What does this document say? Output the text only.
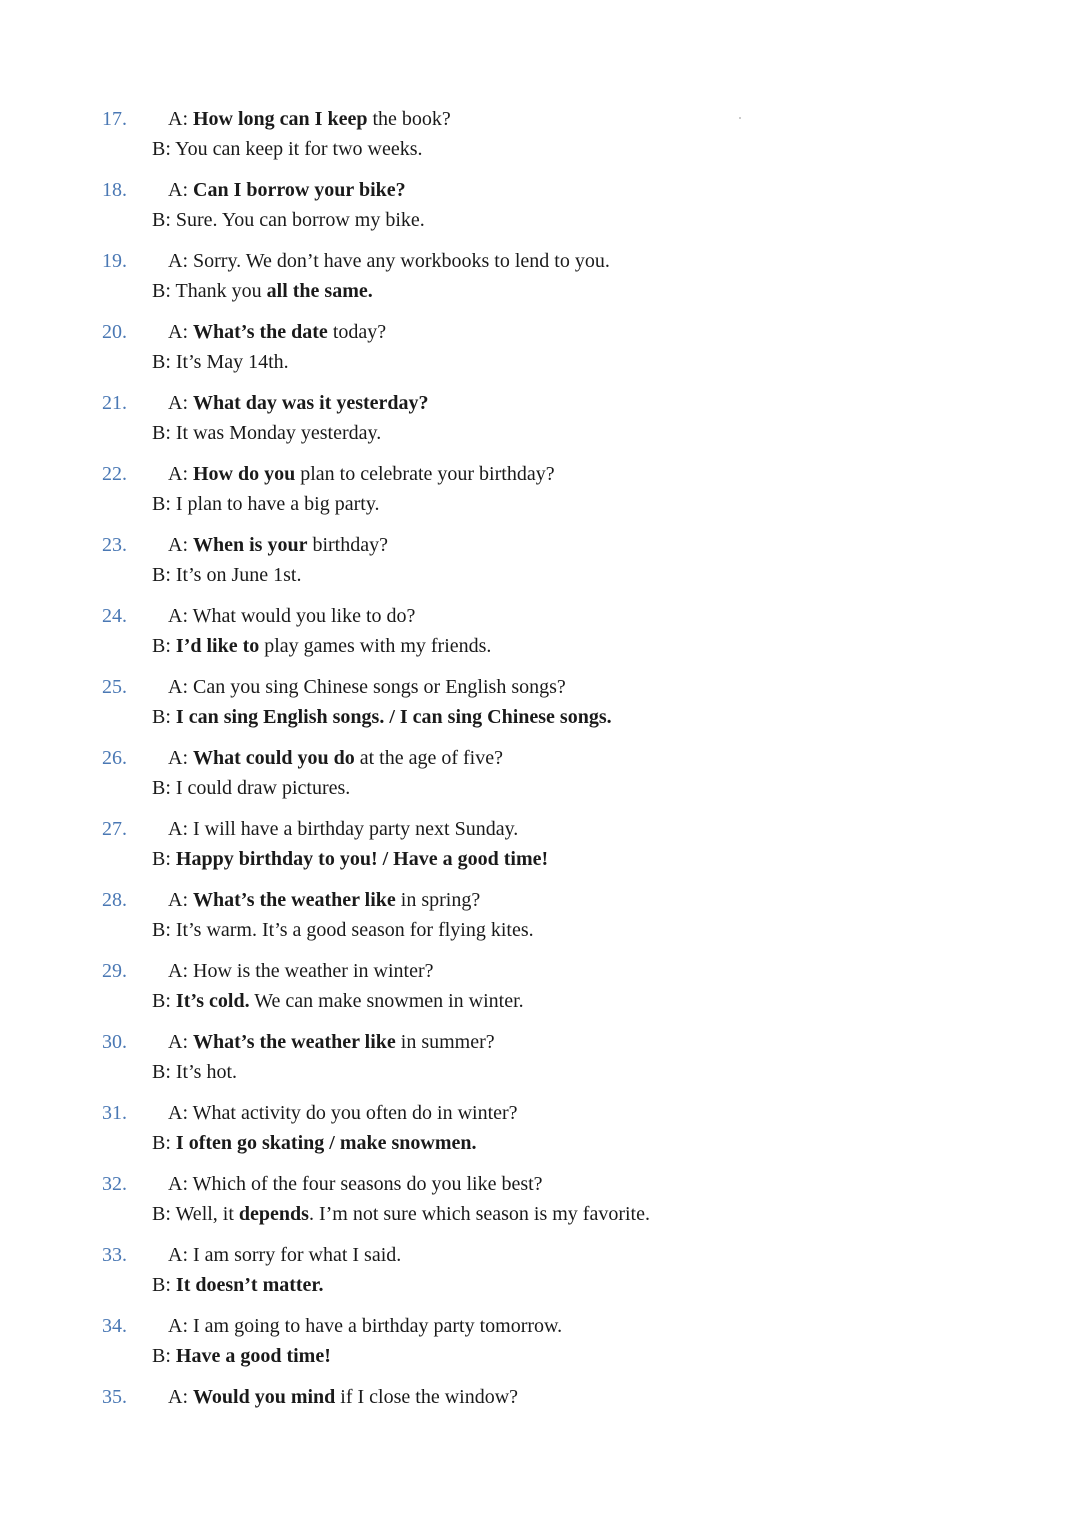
17. A: How long can I keep the book?
B: You can keep it for two weeks.
18. A: Can I borrow your bike?
B: Sure. You can borrow my bike.
19. A: Sorry. We don’t have any workbooks to lend to you.
B: Thank you all the same.
20. A: What’s the date today?
B: It’s May 14th.
21. A: What day was it yesterday?
B: It was Monday yesterday.
22. A: How do you plan to celebrate your birthday?
B: I plan to have a big party.
23. A: When is your birthday?
B: It’s on June 1st.
24. A: What would you like to do?
B: I’d like to play games with my friends.
25. A: Can you sing Chinese songs or English songs?
B: I can sing English songs. / I can sing Chinese songs.
26. A: What could you do at the age of five?
B: I could draw pictures.
27. A: I will have a birthday party next Sunday.
B: Happy birthday to you! / Have a good time!
28. A: What’s the weather like in spring?
B: It’s warm. It’s a good season for flying kites.
29. A: How is the weather in winter?
B: It’s cold. We can make snowmen in winter.
30. A: What’s the weather like in summer?
B: It’s hot.
31. A: What activity do you often do in winter?
B: I often go skating / make snowmen.
32. A: Which of the four seasons do you like best?
B: Well, it depends. I’m not sure which season is my favorite.
33. A: I am sorry for what I said.
B: It doesn’t matter.
34. A: I am going to have a birthday party tomorrow.
B: Have a good time!
35. A: Would you mind if I close the window?
